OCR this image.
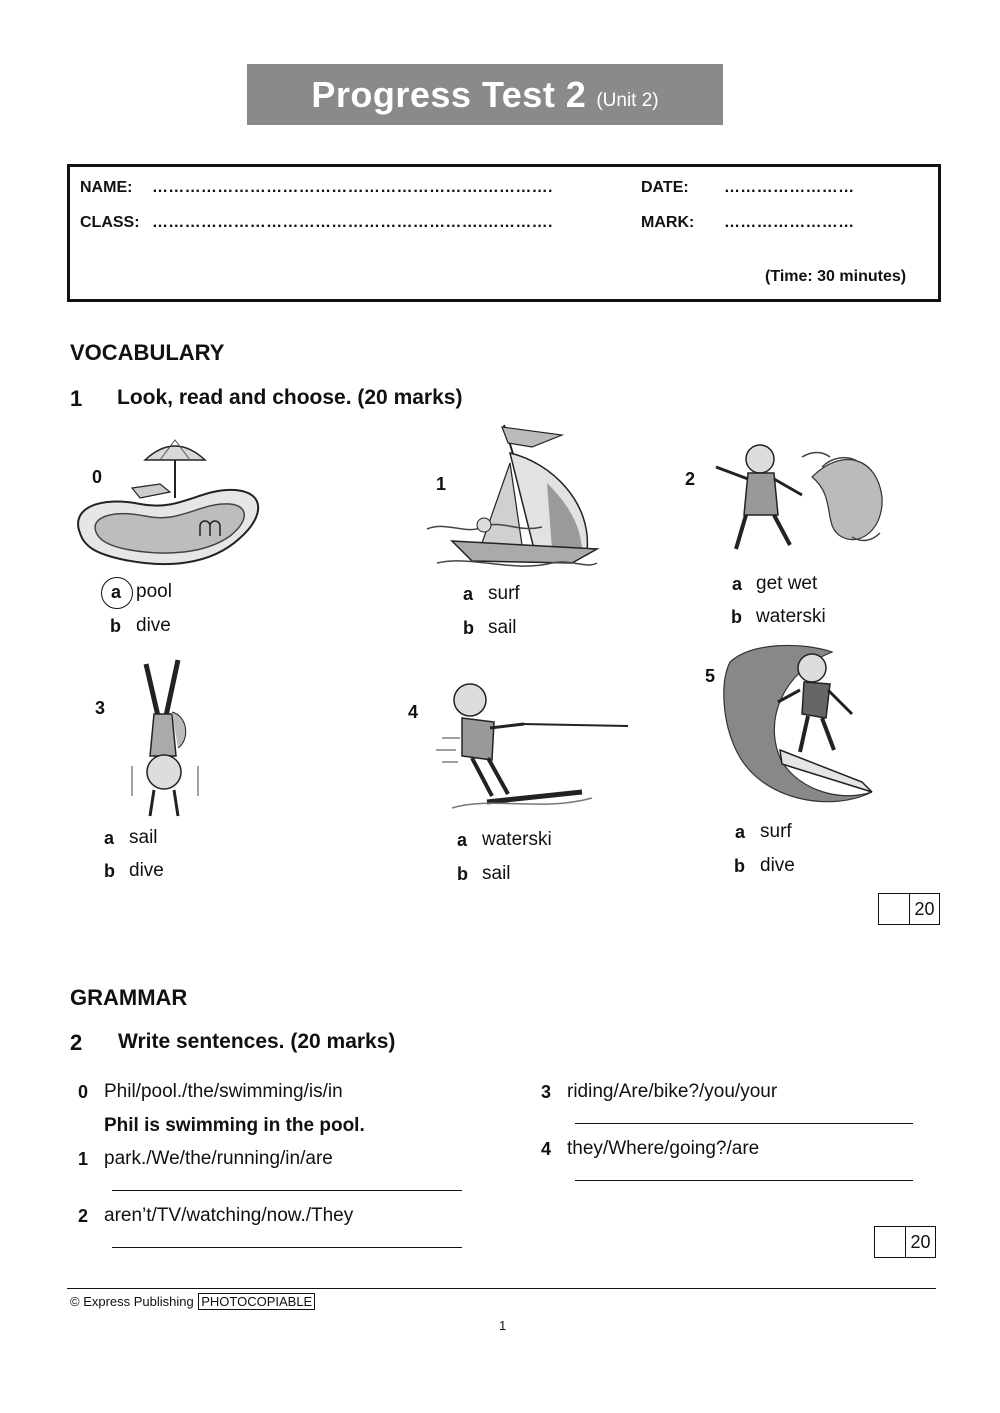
Progress Test 2 (Unit 2)
NAME: …………………………………………………….………….
CLASS: …………………………………………………….………….
DATE: ……………………
MARK: ……………………
(Time: 30 minutes)
VOCABULARY
1 Look, read and choose. (20 marks)
0
a pool
b dive
1
a surf
b sail
2
a get wet
b waterski
3
a sail
b dive
4
a waterski
b sail
5
a surf
b dive
20
GRAMMAR
2 Write sentences. (20 marks)
0 Phil/pool./the/swimming/is/in
Phil is swimming in the pool.
1 park./We/the/running/in/are
2 aren’t/TV/watching/now./They
3 riding/Are/bike?/you/your
4 they/Where/going?/are
20
© Express Publishing PHOTOCOPIABLE
1
